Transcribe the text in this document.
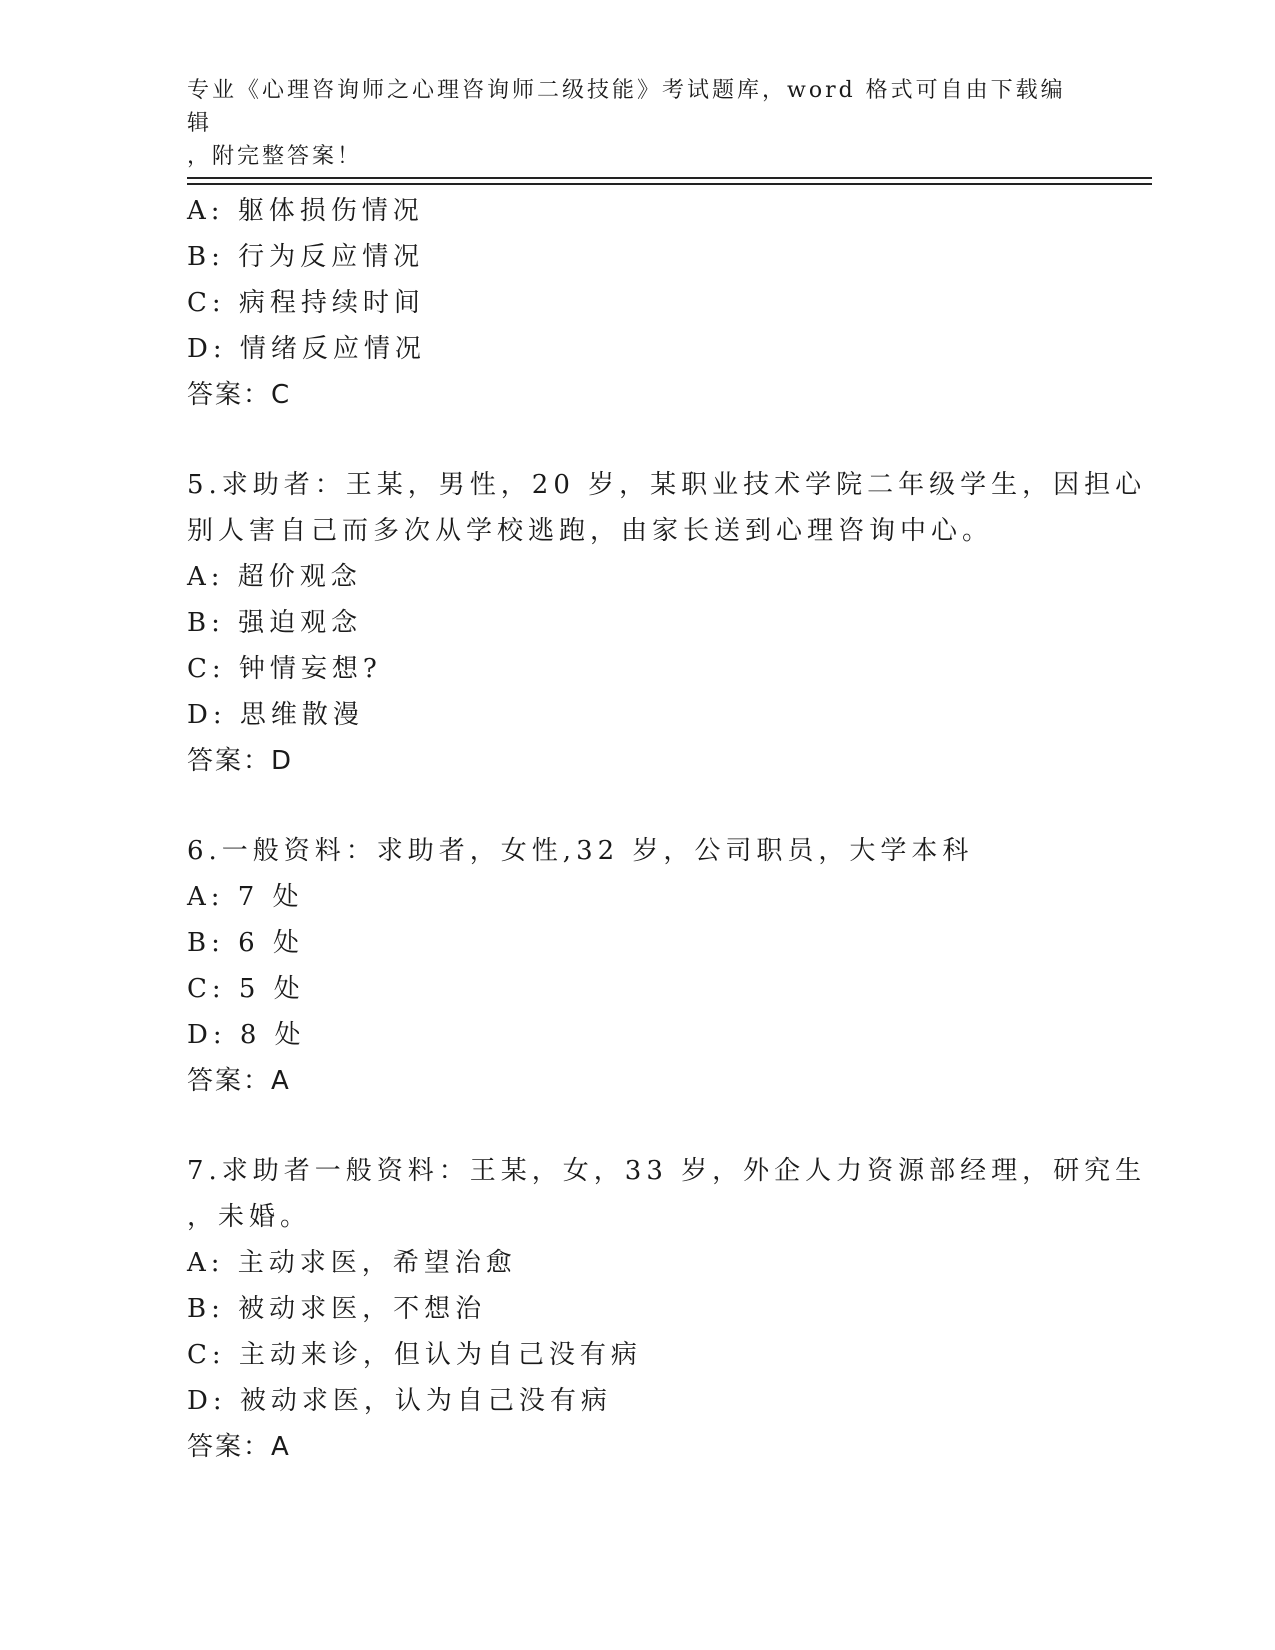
专业《心理咨询师之心理咨询师二级技能》考试题库，word 格式可自由下载编辑
，附完整答案！
A: 躯体损伤情况
B: 行为反应情况
C: 病程持续时间
D: 情绪反应情况
答案：C
5.求助者：王某，男性，20 岁，某职业技术学院二年级学生，因担心
别人害自己而多次从学校逃跑，由家长送到心理咨询中心。
A: 超价观念
B: 强迫观念
C: 钟情妄想?
D: 思维散漫
答案：D
6.一般资料：求助者，女性,32 岁，公司职员，大学本科
A: 7 处
B: 6 处
C: 5 处
D: 8 处
答案：A
7.求助者一般资料：王某，女，33 岁，外企人力资源部经理，研究生
，未婚。
A: 主动求医，希望治愈
B: 被动求医，不想治
C: 主动来诊，但认为自己没有病
D: 被动求医，认为自己没有病
答案：A
